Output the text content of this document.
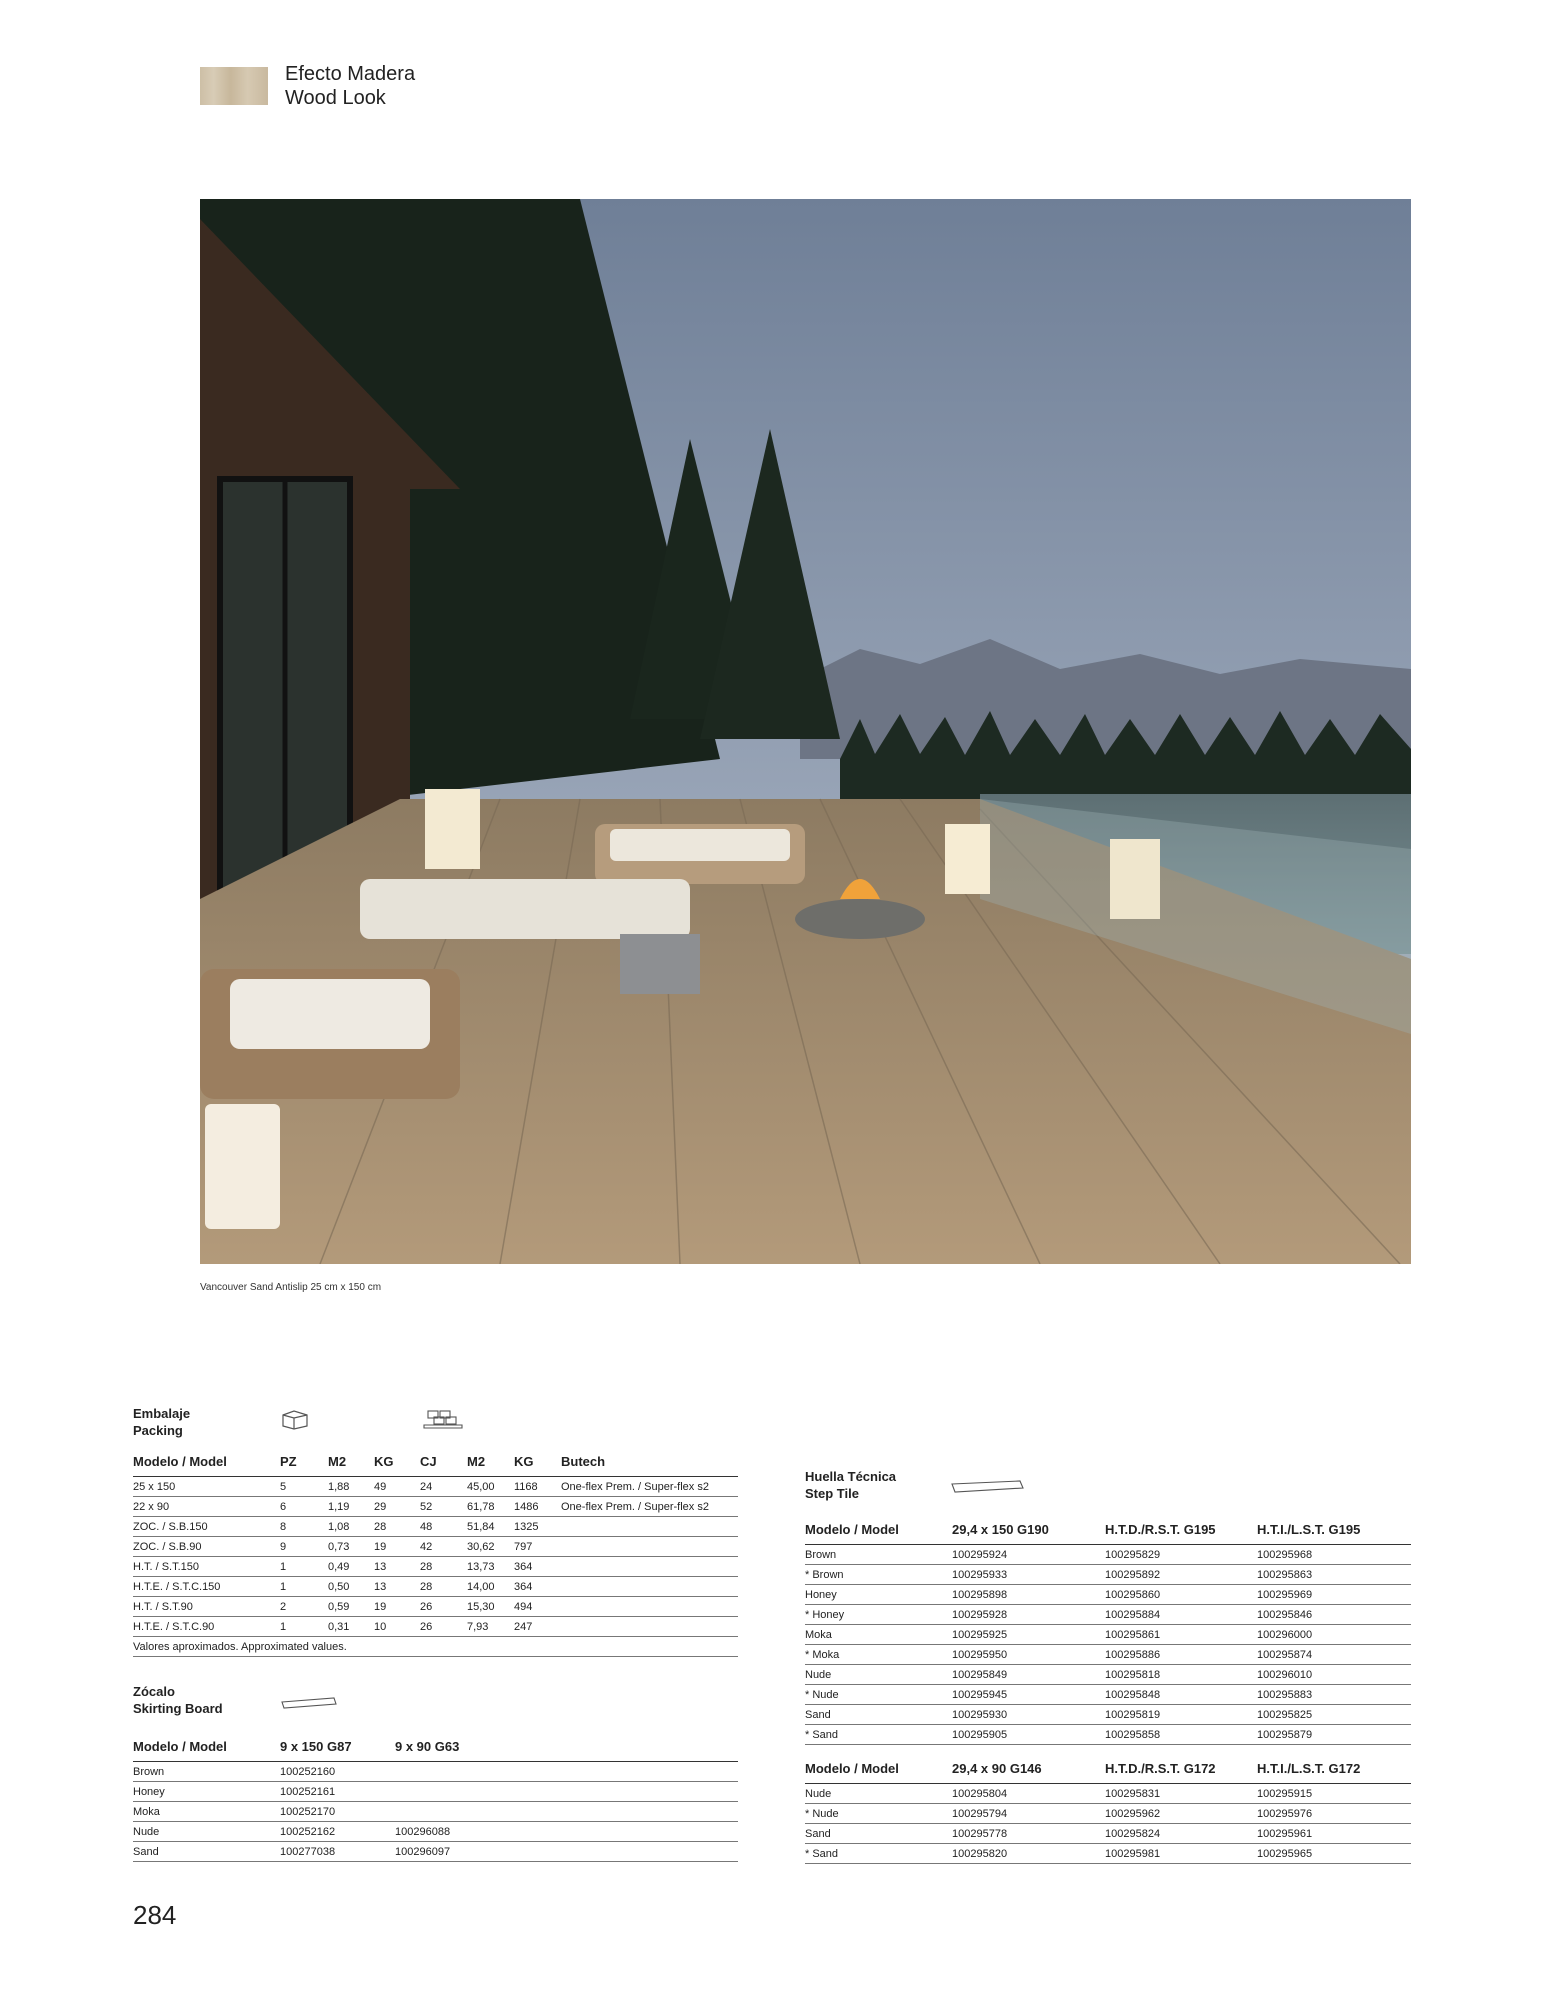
Efecto Madera
Wood Look
Vancouver Sand Antislip 25 cm x 150 cm
Embalaje
Packing
Modelo / Model	PZ	M2	KG	CJ	M2	KG	Butech
25 x 150	5	1,88	49	24	45,00	1168	One-flex Prem. / Super-flex s2
22 x 90	6	1,19	29	52	61,78	1486	One-flex Prem. / Super-flex s2
ZOC. / S.B.150	8	1,08	28	48	51,84	1325	
ZOC. / S.B.90	9	0,73	19	42	30,62	797	
H.T. / S.T.150	1	0,49	13	28	13,73	364	
H.T.E. / S.T.C.150	1	0,50	13	28	14,00	364	
H.T. / S.T.90	2	0,59	19	26	15,30	494	
H.T.E. / S.T.C.90	1	0,31	10	26	7,93	247	
Valores aproximados. Approximated values.							
Zócalo
Skirting Board
Modelo / Model	9 x 150 G87	9 x 90 G63
Brown	100252160	
Honey	100252161	
Moka	100252170	
Nude	100252162	100296088
Sand	100277038	100296097
Huella Técnica
Step Tile
Modelo / Model	29,4 x 150 G190	H.T.D./R.S.T. G195	H.T.I./L.S.T. G195
Brown	100295924	100295829	100295968
* Brown	100295933	100295892	100295863
Honey	100295898	100295860	100295969
* Honey	100295928	100295884	100295846
Moka	100295925	100295861	100296000
* Moka	100295950	100295886	100295874
Nude	100295849	100295818	100296010
* Nude	100295945	100295848	100295883
Sand	100295930	100295819	100295825
* Sand	100295905	100295858	100295879
Modelo / Model	29,4 x 90 G146	H.T.D./R.S.T. G172	H.T.I./L.S.T. G172
Nude	100295804	100295831	100295915
* Nude	100295794	100295962	100295976
Sand	100295778	100295824	100295961
* Sand	100295820	100295981	100295965
284
